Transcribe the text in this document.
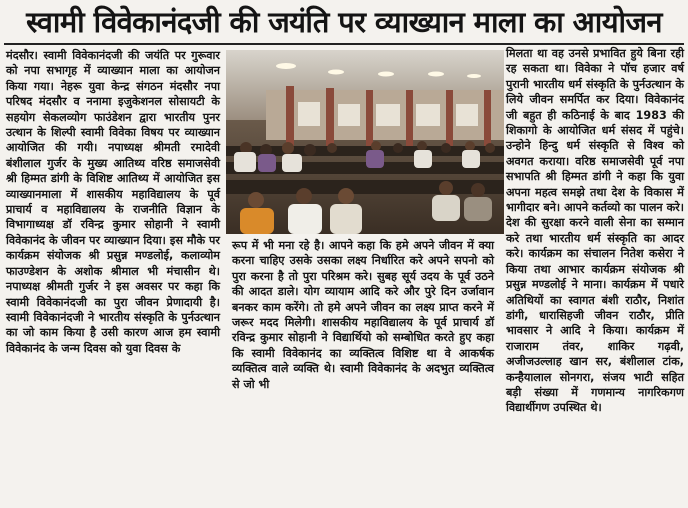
स्वामी विवेकानंदजी की जयंति पर व्याख्यान माला का आयोजन

मंदसौर। स्वामी विवेकानंदजी की जयंति पर गुरूवार को नपा सभागृह में व्याख्यान माला का आयोजन किया गया। नेहरू युवा केन्द्र संगठन मंदसौर नपा परिषद मंदसौर व ननामा इजुकेशनल सोसायटी के सहयोग सेकलव्योग फाउंडेशन द्वारा भारतीय पुनर उत्थान के शिल्पी स्वामी विवेका विषय पर व्याख्यान आयोजित की गयी। नपाध्यक्ष श्रीमती रमादेवी बंशीलाल गुर्जर के मुख्य आतिथ्य वरिष्ठ समाजसेवी श्री हिम्मत डांगी के विशिष्ट आतिथ्य में आयोजित इस व्याख्यानमाला में शासकीय महाविद्यालय के पूर्व प्राचार्य व महाविद्यालय के राजनीति विज्ञान के विभागाध्यक्ष डॉ रविन्द्र कुमार सोहानी ने स्वामी विवेकानंद के जीवन पर व्याख्यान दिया। इस मौके पर कार्यक्रम संयोजक श्री प्रसुन्न मण्डलोई, कलाव्योम फाउण्डेशन के अशोक श्रीमाल भी मंचासीन थे। नपाध्यक्ष श्रीमती गुर्जर ने इस अवसर पर कहा कि स्वामी विवेकानंदजी का पुरा जीवन प्रेणादायी है। स्वामी विवेकानंदजी ने भारतीय संस्कृति के पुर्नउत्थान का जो काम किया है उसी कारण आज हम स्वामी विवेकानंद के जन्म दिवस को युवा दिवस के

रूप में भी मना रहे है। आपने कहा कि हमे अपने जीवन में क्या करना चाहिए उसके उसका लक्ष्य निर्धारित करे अपने सपनो को पुरा करना है तो पुरा परिश्रम करे। सुबह सूर्य उदय के पूर्व उठने की आदत डाले। योग व्यायाम आदि करे और पुरे दिन उर्जावान बनकर काम करेंगे। तो हमे अपने जीवन का लक्ष्य प्राप्त करने में जरूर मदद मिलेगी। शासकीय महाविद्यालय के पूर्व प्राचार्य डॉ रविन्द्र कुमार सोहानी ने विद्यार्थियो को सम्बोधित करते हुए कहा कि स्वामी विवेकानंद का व्यक्तित्व विशिष्ट था वे आकर्षक व्यक्तित्व वाले व्यक्ति थे। स्वामी विवेकानंद के अदभुत व्यक्तित्व से जो भी

मिलता था वह उनसे प्रभावित हुये बिना रही रह सकता था। विवेका ने पॉच हजार वर्ष पुरानी भारतीय धर्म संस्कृति के पुर्नउत्थान के लिये जीवन समर्पित कर दिया। विवेकानंद जी बहुत ही कठिनाई के बाद 1983 की शिकागो के आयोजित धर्म संसद में पहुंचे। उन्होने हिन्दु धर्म संस्कृति से विश्व को अवगत कराया। वरिष्ठ समाजसेवी पूर्व नपा सभापति श्री हिम्मत डांगी ने कहा कि युवा अपना महत्व समझे तथा देश के विकास में भागीदार बने। आपने कर्तव्यो का पालन करे। देश की सुरक्षा करने वाली सेना का सम्मान करे तथा भारतीय धर्म संस्कृति का आदर करे। कार्यक्रम का संचालन नितेश कसेरा ने किया तथा आभार कार्यक्रम संयोजक श्री प्रसुन्न मण्डलोई ने माना। कार्यक्रम में पधारे अतिथियों का स्वागत बंशी राठौर, निशांत डांगी, धारासिहजी जीवन राठौर, प्रीति भावसार ने आदि ने किया। कार्यक्रम में राजाराम तंवर, शाकिर गढ़वी, अजीजउल्लाह खान सर, बंशीलाल टांक, कन्हैयालाल सोनगरा, संजय भाटी सहित बड़ी संख्या में गणमान्य नागरिकगण विद्यार्थीगण उपस्थित थे।
